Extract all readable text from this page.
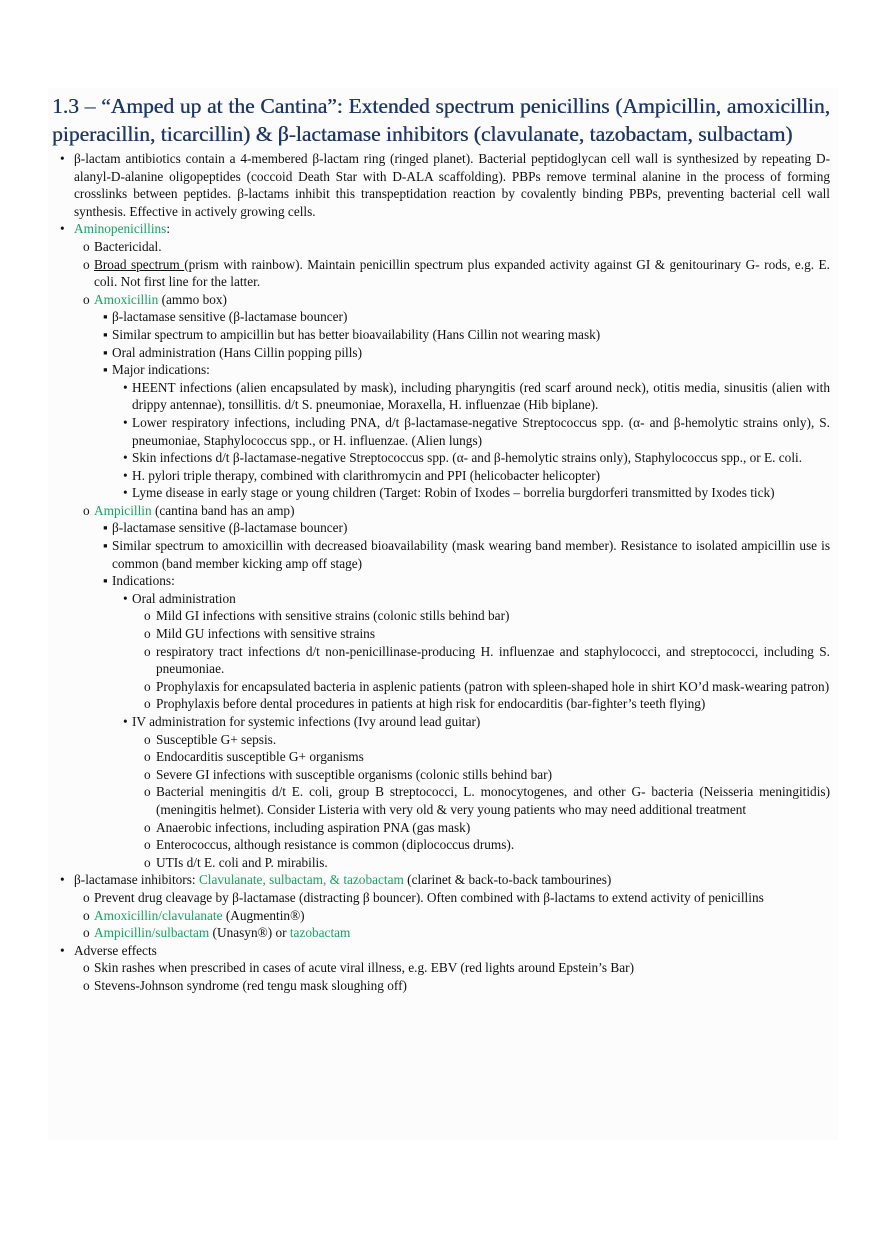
1.3 – “Amped up at the Cantina”: Extended spectrum penicillins (Ampicillin, amoxicillin, piperacillin, ticarcillin) & β-lactamase inhibitors (clavulanate, tazobactam, sulbactam)
• β-lactam antibiotics contain a 4-membered β-lactam ring (ringed planet). Bacterial peptidoglycan cell wall is synthesized by repeating D-alanyl-D-alanine oligopeptides (coccoid Death Star with D-ALA scaffolding). PBPs remove terminal alanine in the process of forming crosslinks between peptides. β-lactams inhibit this transpeptidation reaction by covalently binding PBPs, preventing bacterial cell wall synthesis. Effective in actively growing cells.
• Aminopenicillins:
o Bactericidal.
o Broad spectrum (prism with rainbow). Maintain penicillin spectrum plus expanded activity against GI & genitourinary G- rods, e.g. E. coli. Not first line for the latter.
o Amoxicillin (ammo box)
▪ β-lactamase sensitive (β-lactamase bouncer)
▪ Similar spectrum to ampicillin but has better bioavailability (Hans Cillin not wearing mask)
▪ Oral administration (Hans Cillin popping pills)
▪ Major indications:
• HEENT infections (alien encapsulated by mask), including pharyngitis (red scarf around neck), otitis media, sinusitis (alien with drippy antennae), tonsillitis. d/t S. pneumoniae, Moraxella, H. influenzae (Hib biplane).
• Lower respiratory infections, including PNA, d/t β-lactamase-negative Streptococcus spp. (α- and β-hemolytic strains only), S. pneumoniae, Staphylococcus spp., or H. influenzae. (Alien lungs)
• Skin infections d/t β-lactamase-negative Streptococcus spp. (α- and β-hemolytic strains only), Staphylococcus spp., or E. coli.
• H. pylori triple therapy, combined with clarithromycin and PPI (helicobacter helicopter)
• Lyme disease in early stage or young children (Target: Robin of Ixodes – borrelia burgdorferi transmitted by Ixodes tick)
o Ampicillin (cantina band has an amp)
▪ β-lactamase sensitive (β-lactamase bouncer)
▪ Similar spectrum to amoxicillin with decreased bioavailability (mask wearing band member). Resistance to isolated ampicillin use is common (band member kicking amp off stage)
▪ Indications:
• Oral administration
o Mild GI infections with sensitive strains (colonic stills behind bar)
o Mild GU infections with sensitive strains
o respiratory tract infections d/t non-penicillinase-producing H. influenzae and staphylococci, and streptococci, including S. pneumoniae.
o Prophylaxis for encapsulated bacteria in asplenic patients (patron with spleen-shaped hole in shirt KO’d mask-wearing patron)
o Prophylaxis before dental procedures in patients at high risk for endocarditis (bar-fighter’s teeth flying)
• IV administration for systemic infections (Ivy around lead guitar)
o Susceptible G+ sepsis.
o Endocarditis susceptible G+ organisms
o Severe GI infections with susceptible organisms (colonic stills behind bar)
o Bacterial meningitis d/t E. coli, group B streptococci, L. monocytogenes, and other G- bacteria (Neisseria meningitidis) (meningitis helmet). Consider Listeria with very old & very young patients who may need additional treatment
o Anaerobic infections, including aspiration PNA (gas mask)
o Enterococcus, although resistance is common (diplococcus drums).
o UTIs d/t E. coli and P. mirabilis.
• β-lactamase inhibitors: Clavulanate, sulbactam, & tazobactam (clarinet & back-to-back tambourines)
o Prevent drug cleavage by β-lactamase (distracting β bouncer). Often combined with β-lactams to extend activity of penicillins
o Amoxicillin/clavulanate (Augmentin®)
o Ampicillin/sulbactam (Unasyn®) or tazobactam
• Adverse effects
o Skin rashes when prescribed in cases of acute viral illness, e.g. EBV (red lights around Epstein’s Bar)
o Stevens-Johnson syndrome (red tengu mask sloughing off)
